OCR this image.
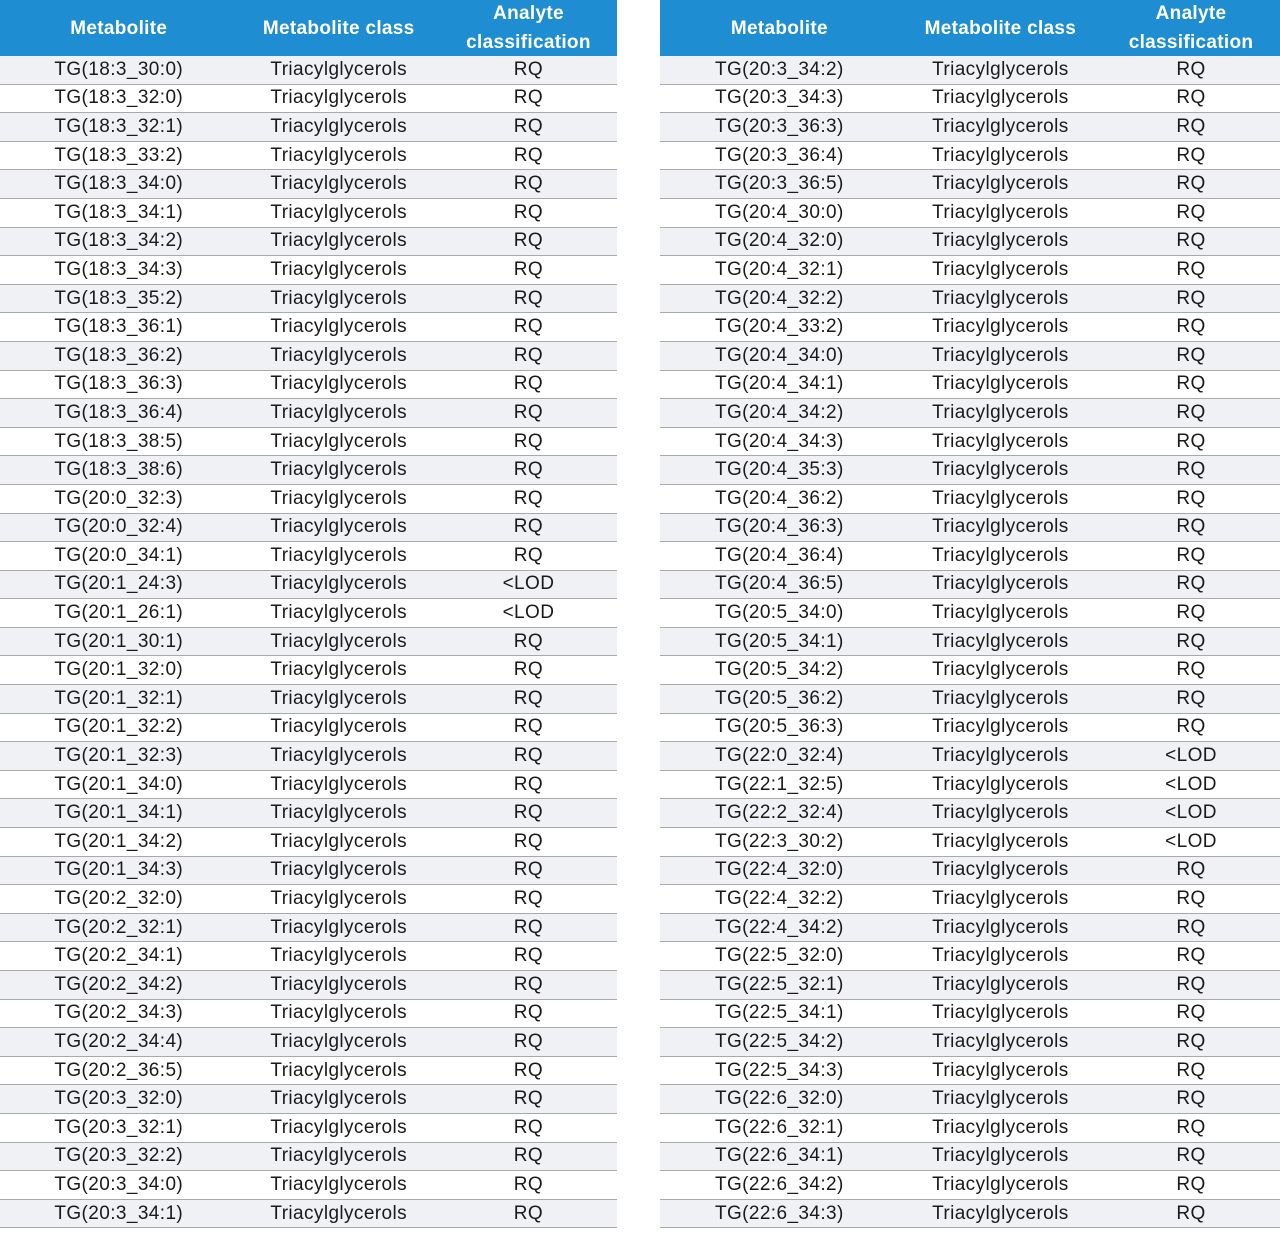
Metabolite	Metabolite class
Analyte classification
TG(18:3_30:0)	Triacylglycerols	RQ
TG(18:3_32:0)	Triacylglycerols	RQ
TG(18:3_32:1)	Triacylglycerols	RQ
TG(18:3_33:2)	Triacylglycerols	RQ
TG(18:3_34:0)	Triacylglycerols	RQ
TG(18:3_34:1)	Triacylglycerols	RQ
TG(18:3_34:2)	Triacylglycerols	RQ
TG(18:3_34:3)	Triacylglycerols	RQ
TG(18:3_35:2)	Triacylglycerols	RQ
TG(18:3_36:1)	Triacylglycerols	RQ
TG(18:3_36:2)	Triacylglycerols	RQ
TG(18:3_36:3)	Triacylglycerols	RQ
TG(18:3_36:4)	Triacylglycerols	RQ
TG(18:3_38:5)	Triacylglycerols	RQ
TG(18:3_38:6)	Triacylglycerols	RQ
TG(20:0_32:3)	Triacylglycerols	RQ
TG(20:0_32:4)	Triacylglycerols	RQ
TG(20:0_34:1)	Triacylglycerols	RQ
TG(20:1_24:3)	Triacylglycerols	<LOD
TG(20:1_26:1)	Triacylglycerols	<LOD
TG(20:1_30:1)	Triacylglycerols	RQ
TG(20:1_32:0)	Triacylglycerols	RQ
TG(20:1_32:1)	Triacylglycerols	RQ
TG(20:1_32:2)	Triacylglycerols	RQ
TG(20:1_32:3)	Triacylglycerols	RQ
TG(20:1_34:0)	Triacylglycerols	RQ
TG(20:1_34:1)	Triacylglycerols	RQ
TG(20:1_34:2)	Triacylglycerols	RQ
TG(20:1_34:3)	Triacylglycerols	RQ
TG(20:2_32:0)	Triacylglycerols	RQ
TG(20:2_32:1)	Triacylglycerols	RQ
TG(20:2_34:1)	Triacylglycerols	RQ
TG(20:2_34:2)	Triacylglycerols	RQ
TG(20:2_34:3)	Triacylglycerols	RQ
TG(20:2_34:4)	Triacylglycerols	RQ
TG(20:2_36:5)	Triacylglycerols	RQ
TG(20:3_32:0)	Triacylglycerols	RQ
TG(20:3_32:1)	Triacylglycerols	RQ
TG(20:3_32:2)	Triacylglycerols	RQ
TG(20:3_34:0)	Triacylglycerols	RQ
TG(20:3_34:1)	Triacylglycerols	RQ
Metabolite	Metabolite class
Analyte classification
TG(20:3_34:2)	Triacylglycerols	RQ
TG(20:3_34:3)	Triacylglycerols	RQ
TG(20:3_36:3)	Triacylglycerols	RQ
TG(20:3_36:4)	Triacylglycerols	RQ
TG(20:3_36:5)	Triacylglycerols	RQ
TG(20:4_30:0)	Triacylglycerols	RQ
TG(20:4_32:0)	Triacylglycerols	RQ
TG(20:4_32:1)	Triacylglycerols	RQ
TG(20:4_32:2)	Triacylglycerols	RQ
TG(20:4_33:2)	Triacylglycerols	RQ
TG(20:4_34:0)	Triacylglycerols	RQ
TG(20:4_34:1)	Triacylglycerols	RQ
TG(20:4_34:2)	Triacylglycerols	RQ
TG(20:4_34:3)	Triacylglycerols	RQ
TG(20:4_35:3)	Triacylglycerols	RQ
TG(20:4_36:2)	Triacylglycerols	RQ
TG(20:4_36:3)	Triacylglycerols	RQ
TG(20:4_36:4)	Triacylglycerols	RQ
TG(20:4_36:5)	Triacylglycerols	RQ
TG(20:5_34:0)	Triacylglycerols	RQ
TG(20:5_34:1)	Triacylglycerols	RQ
TG(20:5_34:2)	Triacylglycerols	RQ
TG(20:5_36:2)	Triacylglycerols	RQ
TG(20:5_36:3)	Triacylglycerols	RQ
TG(22:0_32:4)	Triacylglycerols	<LOD
TG(22:1_32:5)	Triacylglycerols	<LOD
TG(22:2_32:4)	Triacylglycerols	<LOD
TG(22:3_30:2)	Triacylglycerols	<LOD
TG(22:4_32:0)	Triacylglycerols	RQ
TG(22:4_32:2)	Triacylglycerols	RQ
TG(22:4_34:2)	Triacylglycerols	RQ
TG(22:5_32:0)	Triacylglycerols	RQ
TG(22:5_32:1)	Triacylglycerols	RQ
TG(22:5_34:1)	Triacylglycerols	RQ
TG(22:5_34:2)	Triacylglycerols	RQ
TG(22:5_34:3)	Triacylglycerols	RQ
TG(22:6_32:0)	Triacylglycerols	RQ
TG(22:6_32:1)	Triacylglycerols	RQ
TG(22:6_34:1)	Triacylglycerols	RQ
TG(22:6_34:2)	Triacylglycerols	RQ
TG(22:6_34:3)	Triacylglycerols	RQ
